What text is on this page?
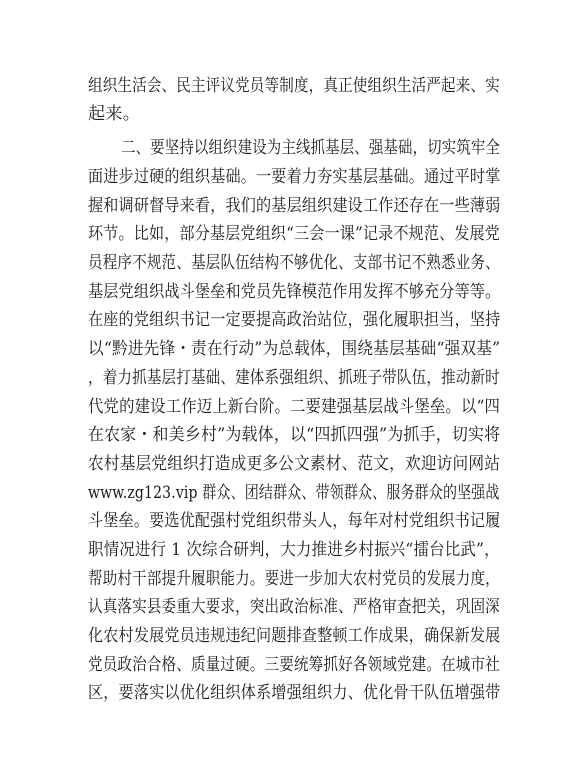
组织生活会、民主评议党员等制度，真正使组织生活严起来、实
起来。
二、要坚持以组织建设为主线抓基层、强基础，切实筑牢全
面进步过硬的组织基础。一要着力夯实基层基础。通过平时掌
握和调研督导来看，我们的基层组织建设工作还存在一些薄弱
环节。比如，部分基层党组织“三会一课”记录不规范、发展党
员程序不规范、基层队伍结构不够优化、支部书记不熟悉业务、
基层党组织战斗堡垒和党员先锋模范作用发挥不够充分等等。
在座的党组织书记一定要提高政治站位，强化履职担当，坚持
以“黔进先锋・责在行动”为总载体，围绕基层基础“强双基”
，着力抓基层打基础、建体系强组织、抓班子带队伍，推动新时
代党的建设工作迈上新台阶。二要建强基层战斗堡垒。以“四
在农家・和美乡村”为载体，以“四抓四强”为抓手，切实将
农村基层党组织打造成更多公文素材、范文，欢迎访问网站
www.zg123.vip 群众、团结群众、带领群众、服务群众的坚强战
斗堡垒。要选优配强村党组织带头人，每年对村党组织书记履
职情况进行 1 次综合研判，大力推进乡村振兴“擂台比武”，
帮助村干部提升履职能力。要进一步加大农村党员的发展力度，
认真落实县委重大要求，突出政治标准、严格审查把关，巩固深
化农村发展党员违规违纪问题排查整顿工作成果，确保新发展
党员政治合格、质量过硬。三要统筹抓好各领域党建。在城市社
区，要落实以优化组织体系增强组织力、优化骨干队伍增强带
